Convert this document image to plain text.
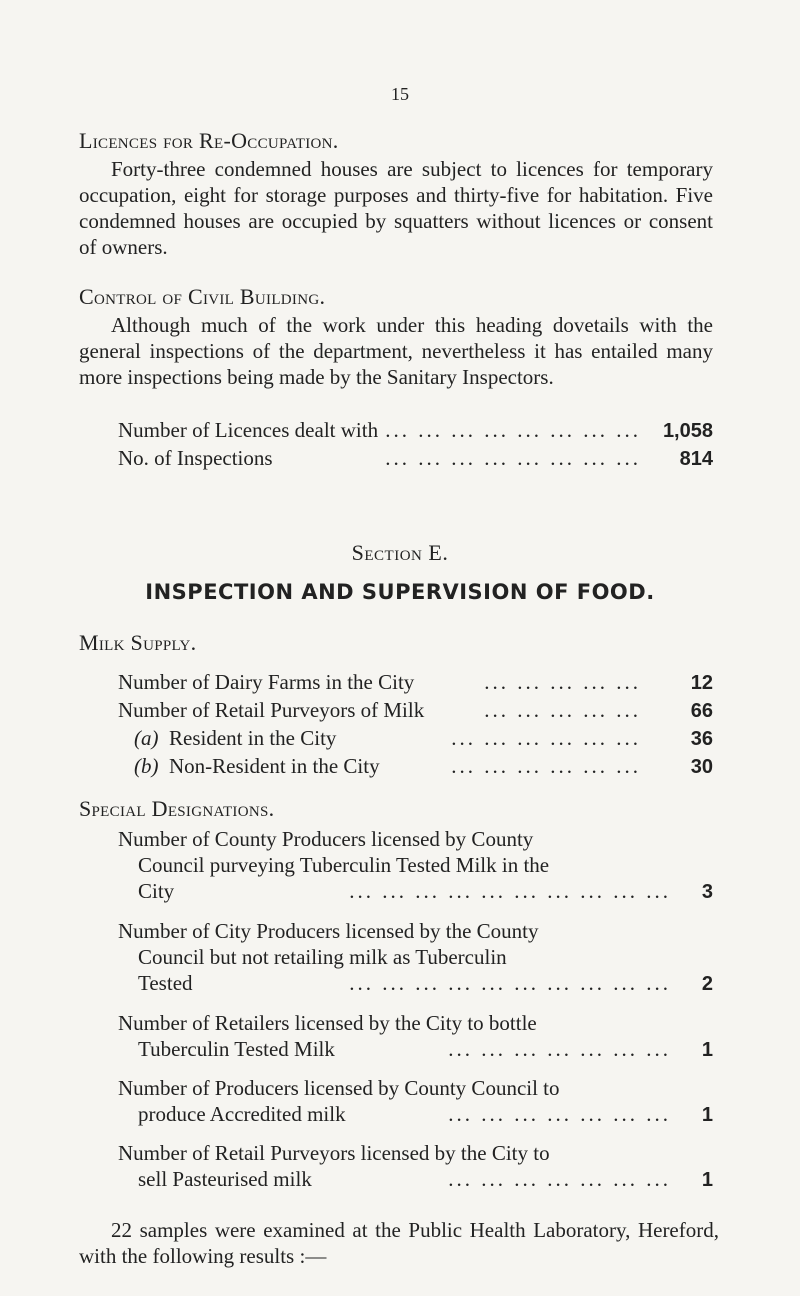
15
Licences for Re-Occupation.
Forty-three condemned houses are subject to licences for temporary occupation, eight for storage purposes and thirty-five for habitation. Five condemned houses are occupied by squatters without licences or consent of owners.
Control of Civil Building.
Although much of the work under this heading dovetails with the general inspections of the department, nevertheless it has entailed many more inspections being made by the Sanitary Inspectors.
Number of Licences dealt with ... ... ... ... ... ... ... ...	1,058
No. of Inspections	... ... ... ... ... ... ... ...	814
Section E.
INSPECTION AND SUPERVISION OF FOOD.
Milk Supply.
Number of Dairy Farms in the City	... ... ... ... ...	12
Number of Retail Purveyors of Milk	... ... ... ... ...	66
(a) Resident in the City	... ... ... ... ... ...	36
(b) Non-Resident in the City	... ... ... ... ... ...	30
Special Designations.
Number of County Producers licensed by County
Council purveying Tuberculin Tested Milk in the
City	... ... ... ... ... ... ... ... ... ...	3
Number of City Producers licensed by the County
Council but not retailing milk as Tuberculin
Tested	... ... ... ... ... ... ... ... ... ...	2
Number of Retailers licensed by the City to bottle
Tuberculin Tested Milk	... ... ... ... ... ... ...	1
Number of Producers licensed by County Council to
produce Accredited milk	... ... ... ... ... ... ...	1
Number of Retail Purveyors licensed by the City to
sell Pasteurised milk	... ... ... ... ... ... ...	1
22 samples were examined at the Public Health Laboratory, Hereford, with the following results :—
